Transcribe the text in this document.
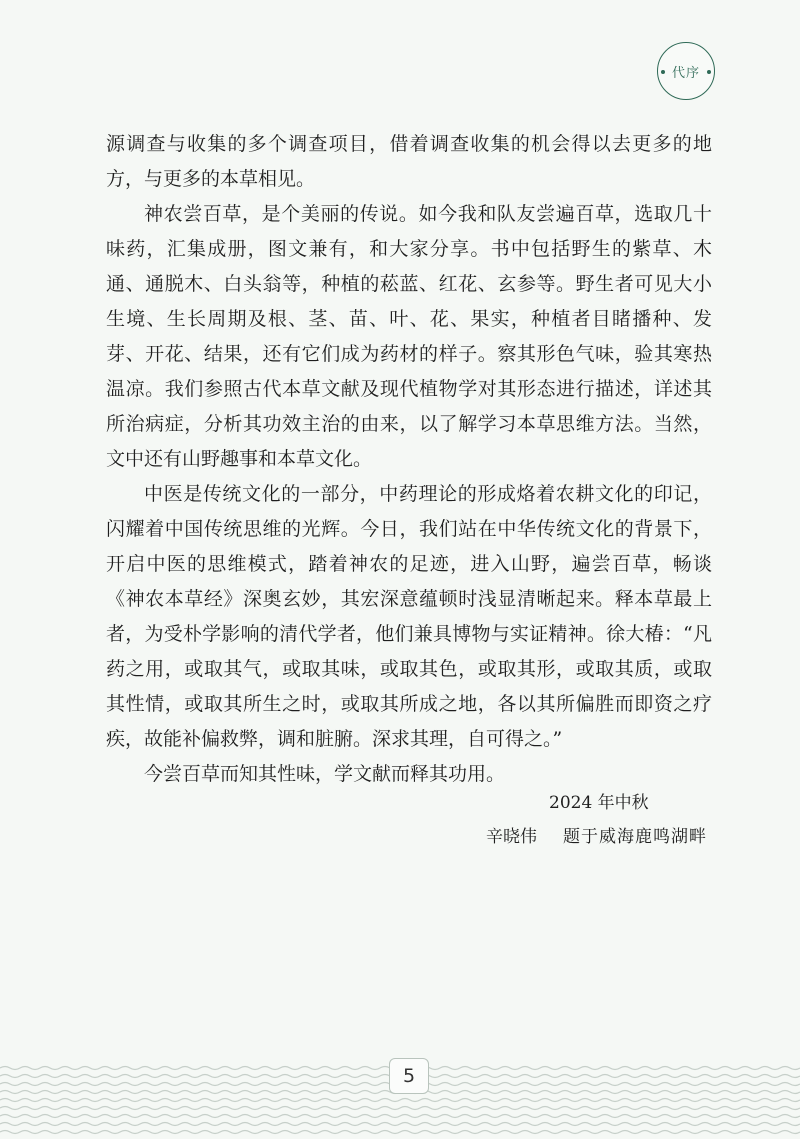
代序

源调查与收集的多个调查项目，借着调查收集的机会得以去更多的地方，与更多的本草相见。

神农尝百草，是个美丽的传说。如今我和队友尝遍百草，选取几十味药，汇集成册，图文兼有，和大家分享。书中包括野生的紫草、木通、通脱木、白头翁等，种植的菘蓝、红花、玄参等。野生者可见大小生境、生长周期及根、茎、苗、叶、花、果实，种植者目睹播种、发芽、开花、结果，还有它们成为药材的样子。察其形色气味，验其寒热温凉。我们参照古代本草文献及现代植物学对其形态进行描述，详述其所治病症，分析其功效主治的由来，以了解学习本草思维方法。当然，文中还有山野趣事和本草文化。

中医是传统文化的一部分，中药理论的形成烙着农耕文化的印记，闪耀着中国传统思维的光辉。今日，我们站在中华传统文化的背景下，开启中医的思维模式，踏着神农的足迹，进入山野，遍尝百草，畅谈《神农本草经》深奥玄妙，其宏深意蕴顿时浅显清晰起来。释本草最上者，为受朴学影响的清代学者，他们兼具博物与实证精神。徐大椿：“凡药之用，或取其气，或取其味，或取其色，或取其形，或取其质，或取其性情，或取其所生之时，或取其所成之地，各以其所偏胜而即资之疗疾，故能补偏救弊，调和脏腑。深求其理，自可得之。”

今尝百草而知其性味，学文献而释其功用。

2024 年中秋
辛晓伟 题于威海鹿鸣湖畔
5
